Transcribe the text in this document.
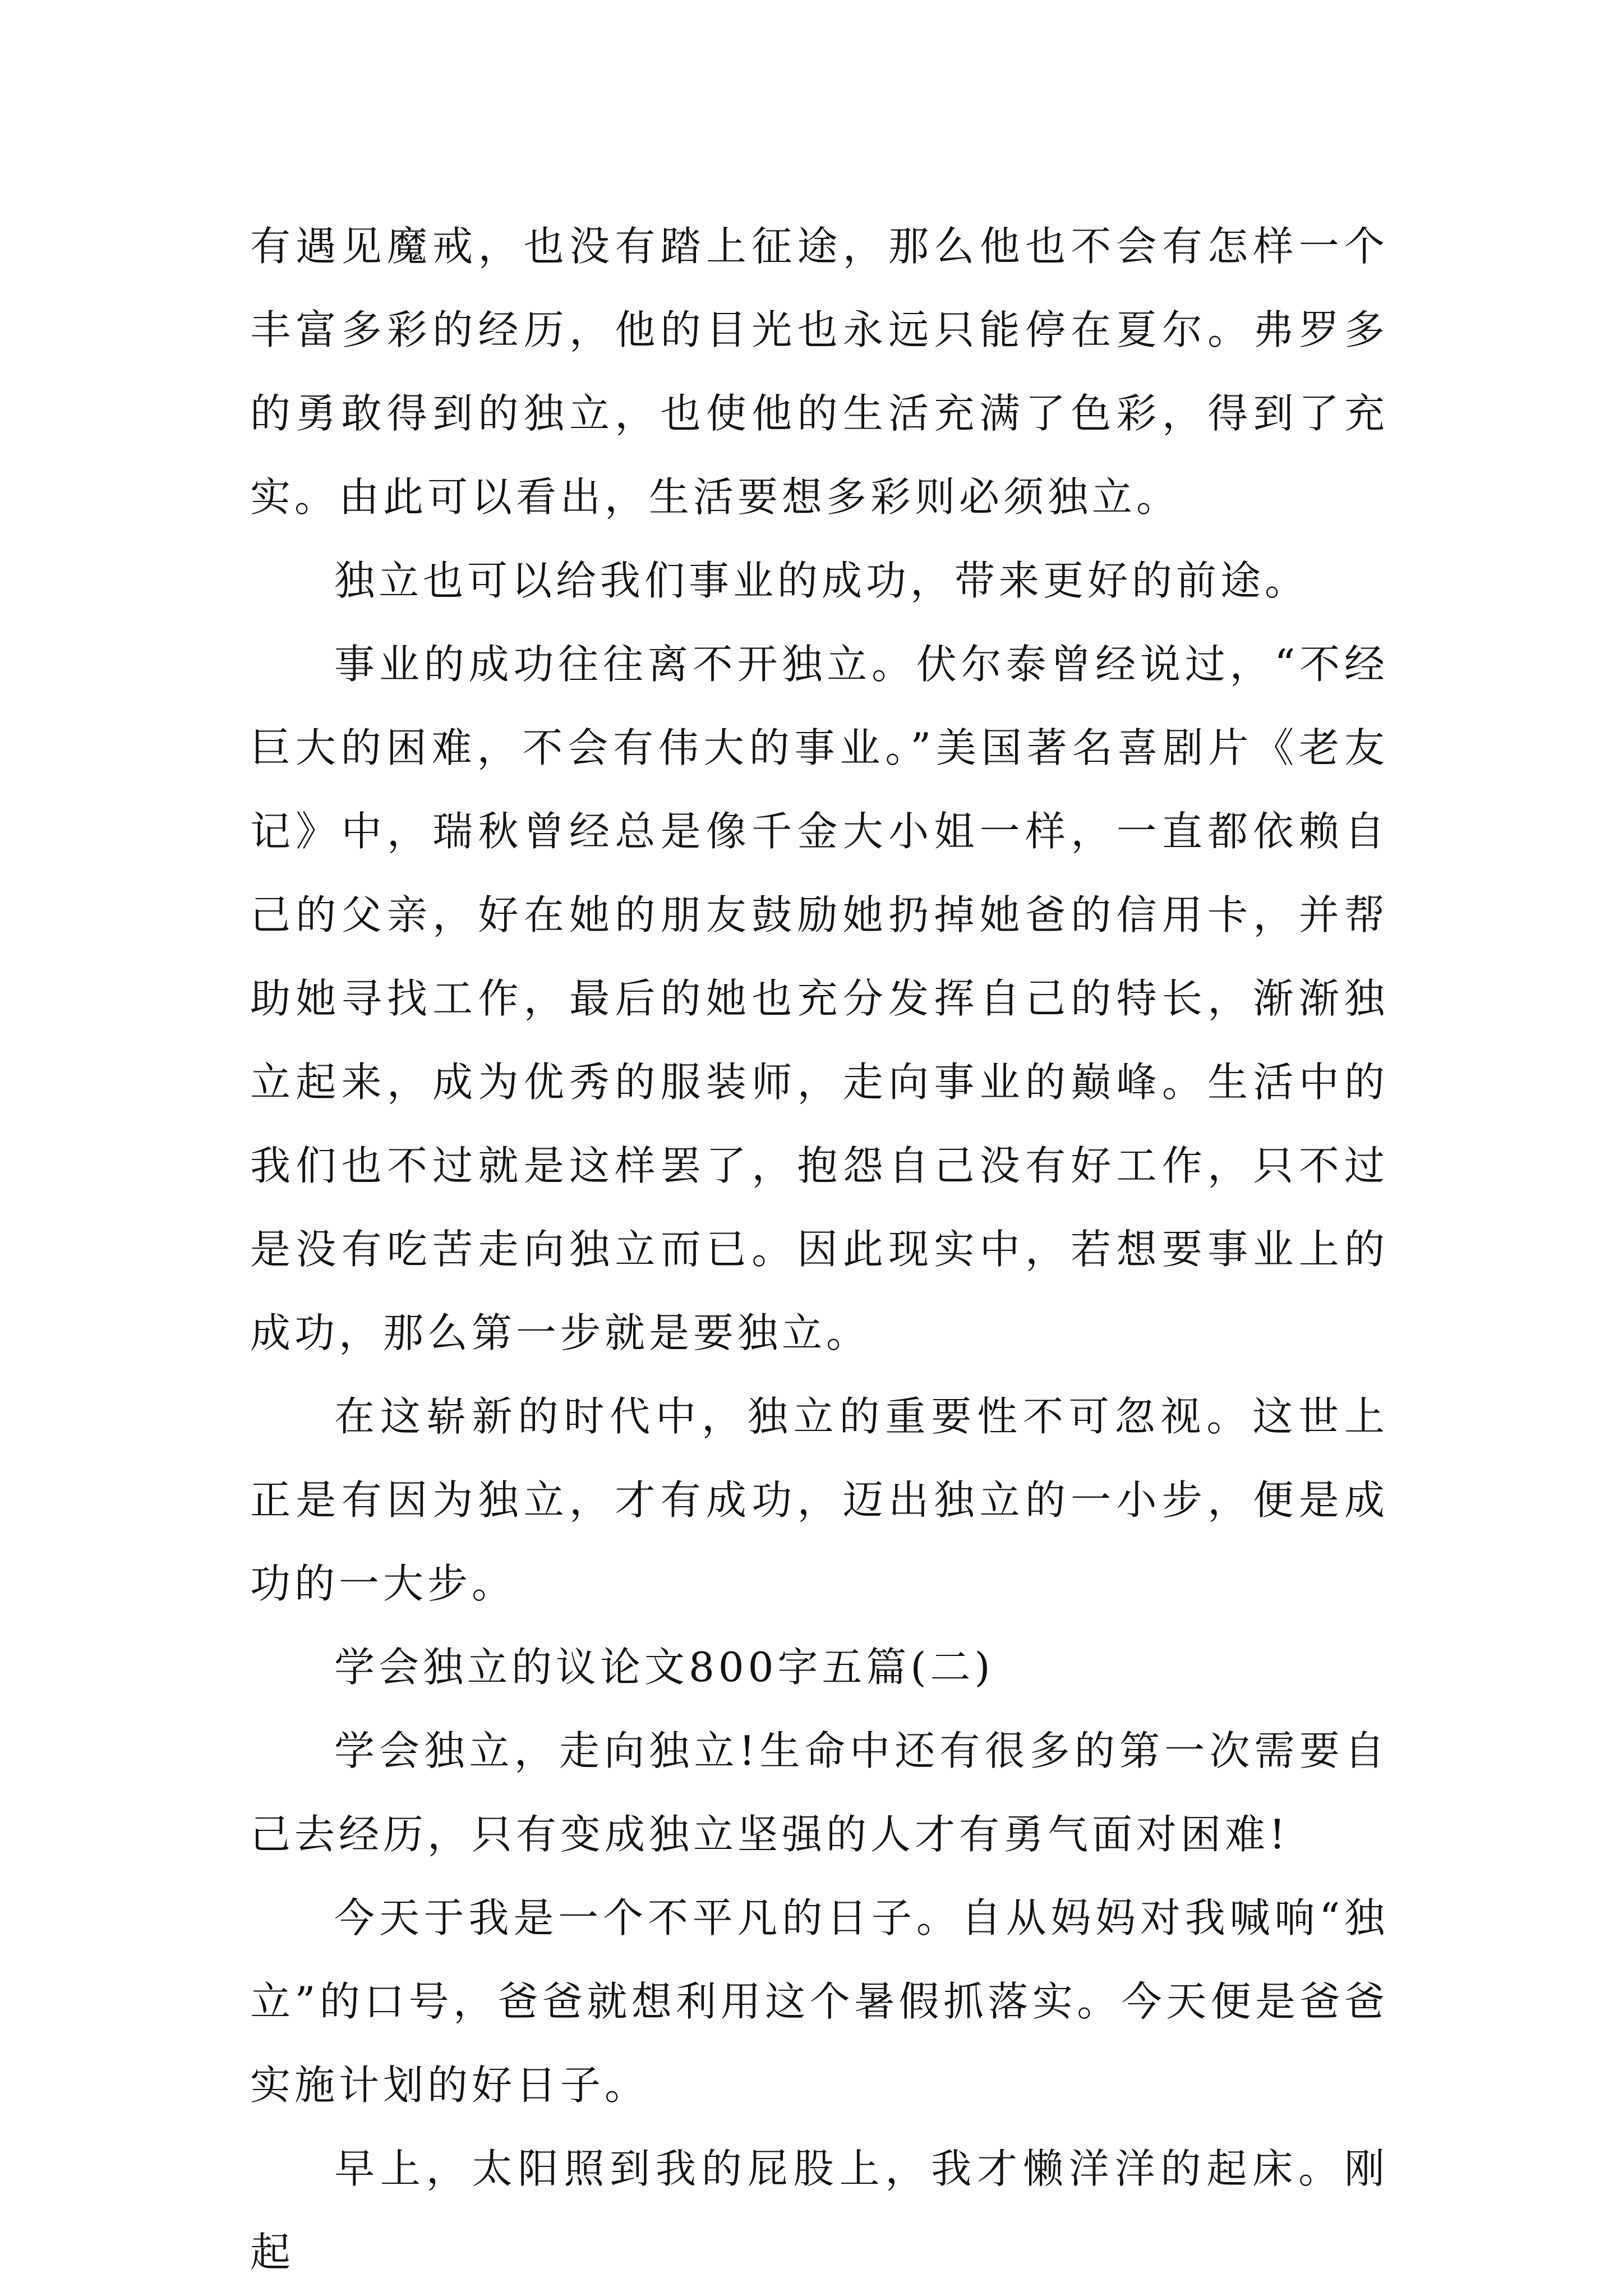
有遇见魔戒，也没有踏上征途，那么他也不会有怎样一个丰富多彩的经历，他的目光也永远只能停在夏尔。弗罗多的勇敢得到的独立，也使他的生活充满了色彩，得到了充实。由此可以看出，生活要想多彩则必须独立。

独立也可以给我们事业的成功，带来更好的前途。

事业的成功往往离不开独立。伏尔泰曾经说过，“不经巨大的困难，不会有伟大的事业。”美国著名喜剧片《老友记》中，瑞秋曾经总是像千金大小姐一样，一直都依赖自己的父亲，好在她的朋友鼓励她扔掉她爸的信用卡，并帮助她寻找工作，最后的她也充分发挥自己的特长，渐渐独立起来，成为优秀的服装师，走向事业的巅峰。生活中的我们也不过就是这样罢了，抱怨自己没有好工作，只不过是没有吃苦走向独立而已。因此现实中，若想要事业上的成功，那么第一步就是要独立。

在这崭新的时代中，独立的重要性不可忽视。这世上正是有因为独立，才有成功，迈出独立的一小步，便是成功的一大步。

学会独立的议论文800字五篇(二)

学会独立，走向独立!生命中还有很多的第一次需要自己去经历，只有变成独立坚强的人才有勇气面对困难!

今天于我是一个不平凡的日子。自从妈妈对我喊响“独立”的口号，爸爸就想利用这个暑假抓落实。今天便是爸爸实施计划的好日子。

早上，太阳照到我的屁股上，我才懒洋洋的起床。刚起
